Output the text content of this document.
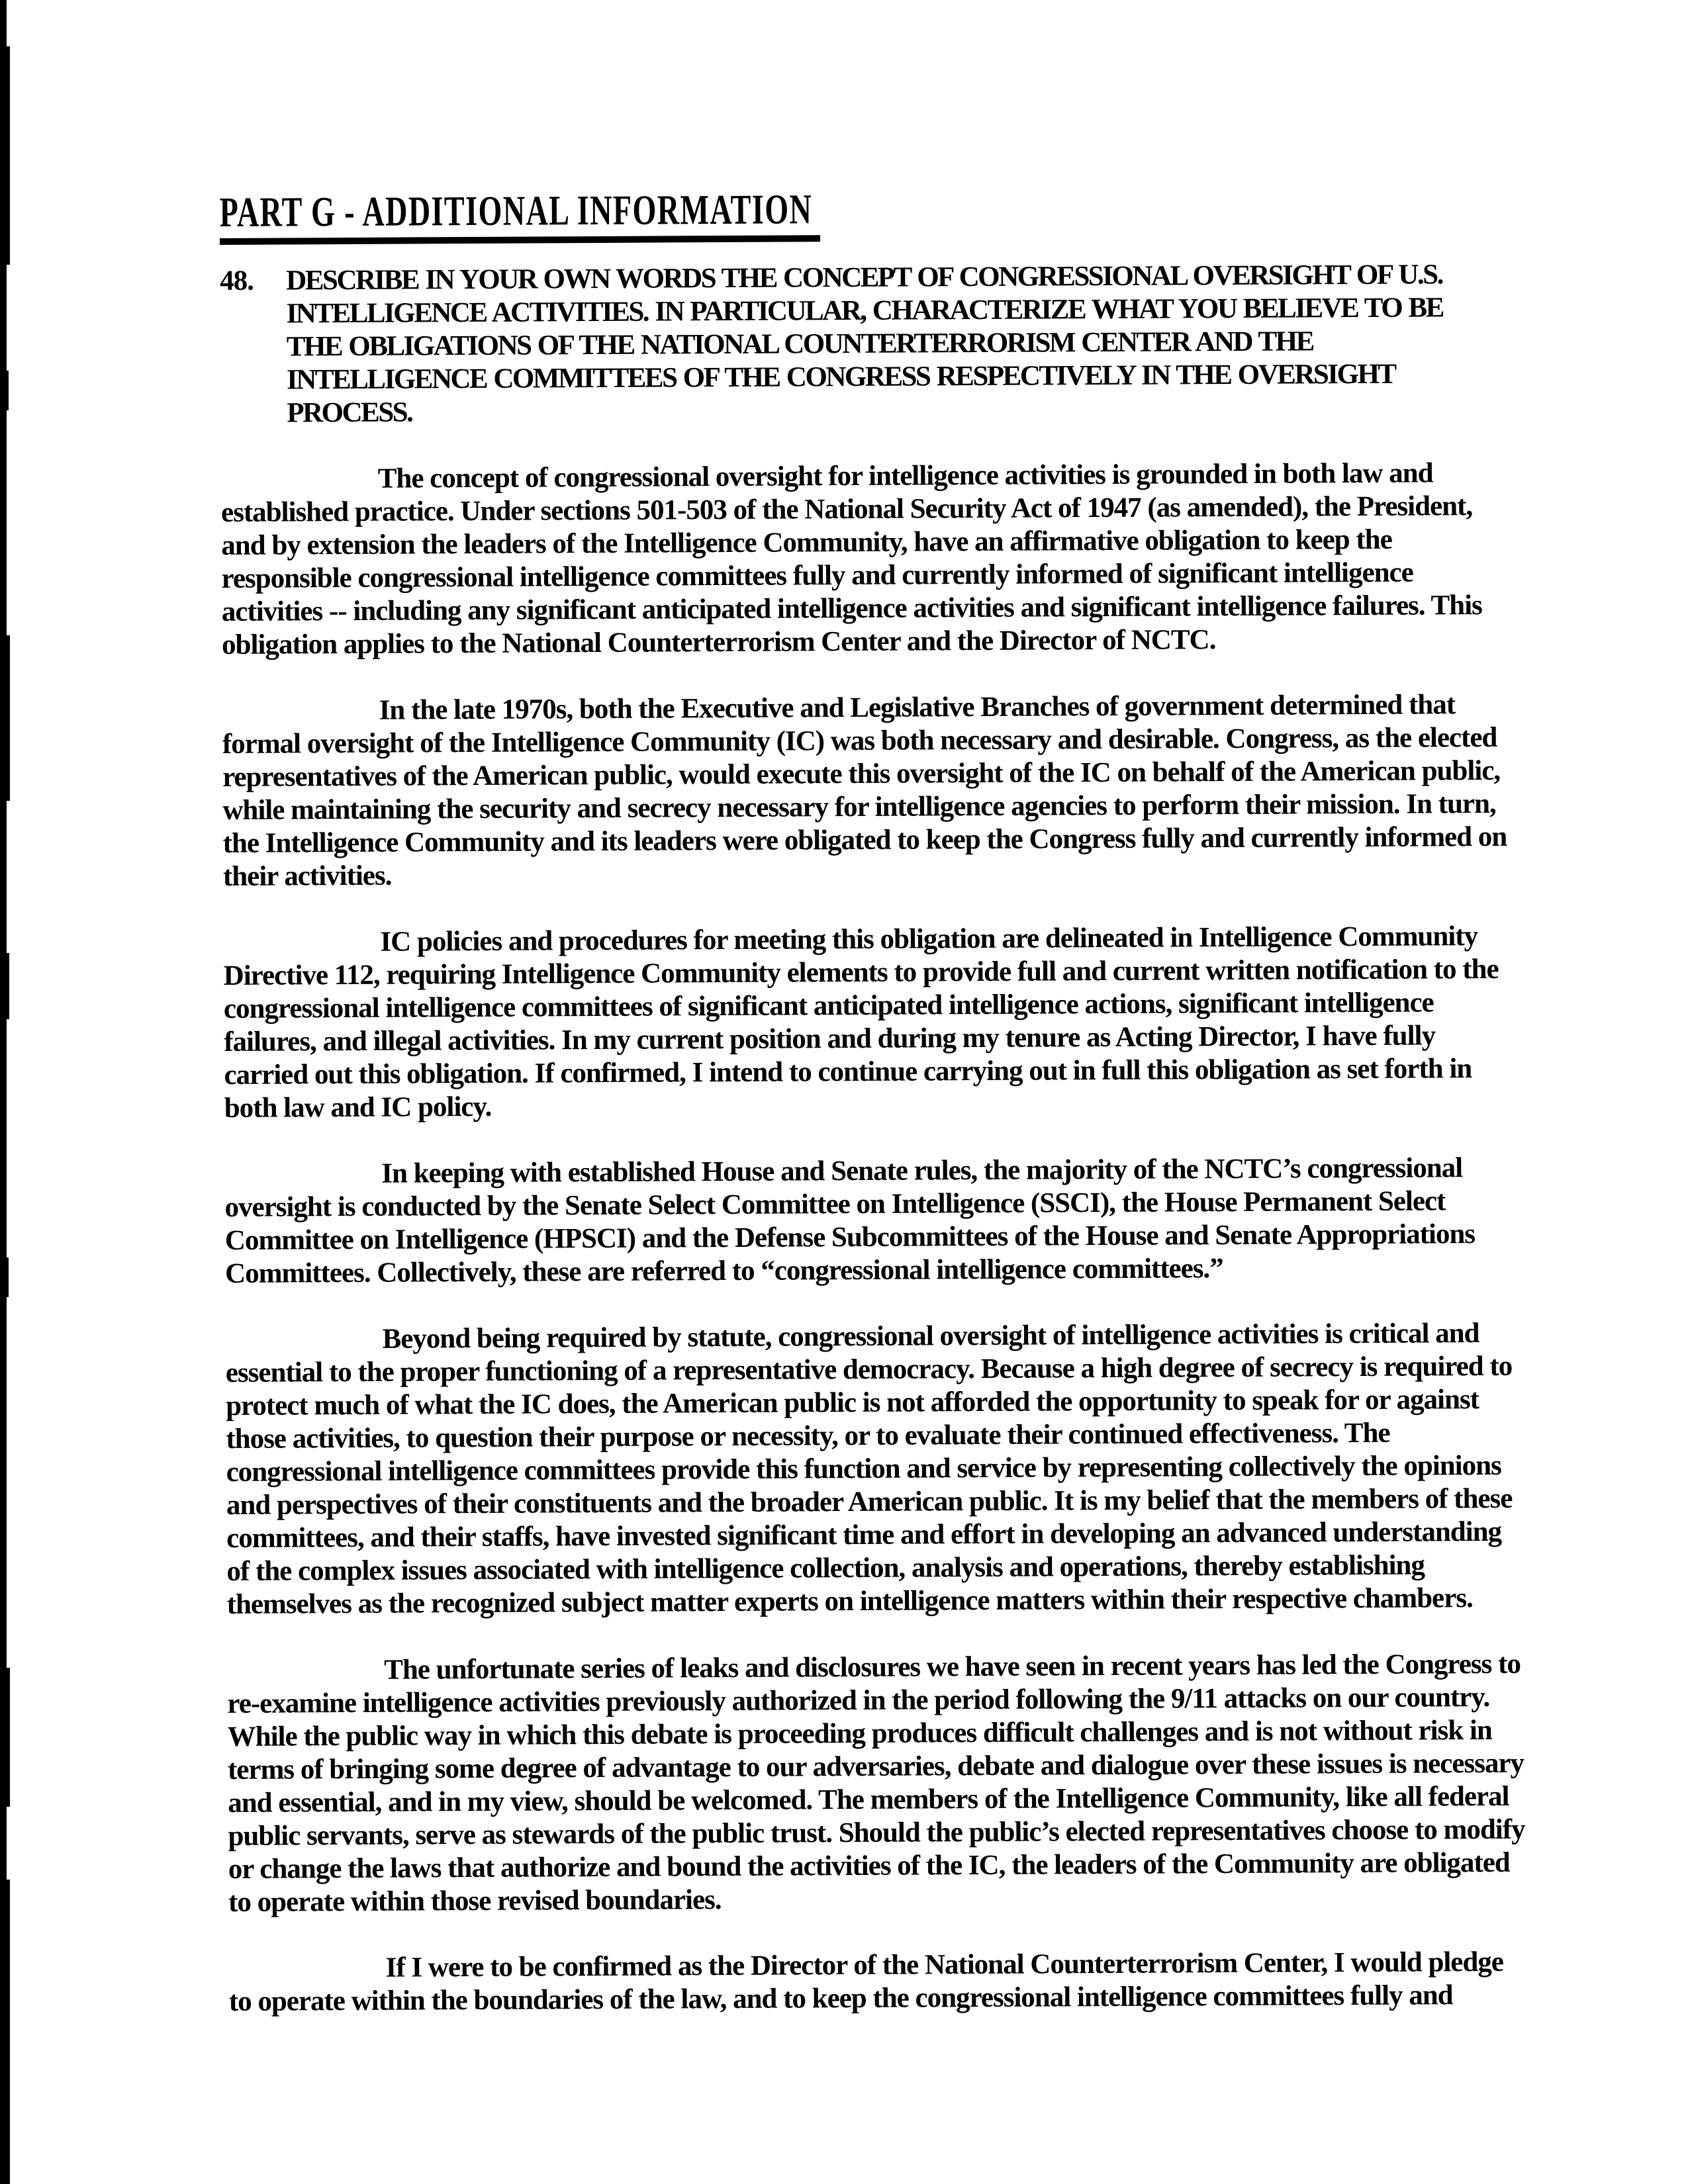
PART G - ADDITIONAL INFORMATION
48.	DESCRIBE IN YOUR OWN WORDS THE CONCEPT OF CONGRESSIONAL OVERSIGHT OF U.S. INTELLIGENCE ACTIVITIES. IN PARTICULAR, CHARACTERIZE WHAT YOU BELIEVE TO BE THE OBLIGATIONS OF THE NATIONAL COUNTERTERRORISM CENTER AND THE INTELLIGENCE COMMITTEES OF THE CONGRESS RESPECTIVELY IN THE OVERSIGHT PROCESS.

The concept of congressional oversight for intelligence activities is grounded in both law and established practice. Under sections 501-503 of the National Security Act of 1947 (as amended), the President, and by extension the leaders of the Intelligence Community, have an affirmative obligation to keep the responsible congressional intelligence committees fully and currently informed of significant intelligence activities -- including any significant anticipated intelligence activities and significant intelligence failures. This obligation applies to the National Counterterrorism Center and the Director of NCTC.

In the late 1970s, both the Executive and Legislative Branches of government determined that formal oversight of the Intelligence Community (IC) was both necessary and desirable. Congress, as the elected representatives of the American public, would execute this oversight of the IC on behalf of the American public, while maintaining the security and secrecy necessary for intelligence agencies to perform their mission. In turn, the Intelligence Community and its leaders were obligated to keep the Congress fully and currently informed on their activities.

IC policies and procedures for meeting this obligation are delineated in Intelligence Community Directive 112, requiring Intelligence Community elements to provide full and current written notification to the congressional intelligence committees of significant anticipated intelligence actions, significant intelligence failures, and illegal activities. In my current position and during my tenure as Acting Director, I have fully carried out this obligation. If confirmed, I intend to continue carrying out in full this obligation as set forth in both law and IC policy.

In keeping with established House and Senate rules, the majority of the NCTC’s congressional oversight is conducted by the Senate Select Committee on Intelligence (SSCI), the House Permanent Select Committee on Intelligence (HPSCI) and the Defense Subcommittees of the House and Senate Appropriations Committees. Collectively, these are referred to “congressional intelligence committees.”

Beyond being required by statute, congressional oversight of intelligence activities is critical and essential to the proper functioning of a representative democracy. Because a high degree of secrecy is required to protect much of what the IC does, the American public is not afforded the opportunity to speak for or against those activities, to question their purpose or necessity, or to evaluate their continued effectiveness. The congressional intelligence committees provide this function and service by representing collectively the opinions and perspectives of their constituents and the broader American public. It is my belief that the members of these committees, and their staffs, have invested significant time and effort in developing an advanced understanding of the complex issues associated with intelligence collection, analysis and operations, thereby establishing themselves as the recognized subject matter experts on intelligence matters within their respective chambers.

The unfortunate series of leaks and disclosures we have seen in recent years has led the Congress to re-examine intelligence activities previously authorized in the period following the 9/11 attacks on our country. While the public way in which this debate is proceeding produces difficult challenges and is not without risk in terms of bringing some degree of advantage to our adversaries, debate and dialogue over these issues is necessary and essential, and in my view, should be welcomed. The members of the Intelligence Community, like all federal public servants, serve as stewards of the public trust. Should the public’s elected representatives choose to modify or change the laws that authorize and bound the activities of the IC, the leaders of the Community are obligated to operate within those revised boundaries.

If I were to be confirmed as the Director of the National Counterterrorism Center, I would pledge to operate within the boundaries of the law, and to keep the congressional intelligence committees fully and
